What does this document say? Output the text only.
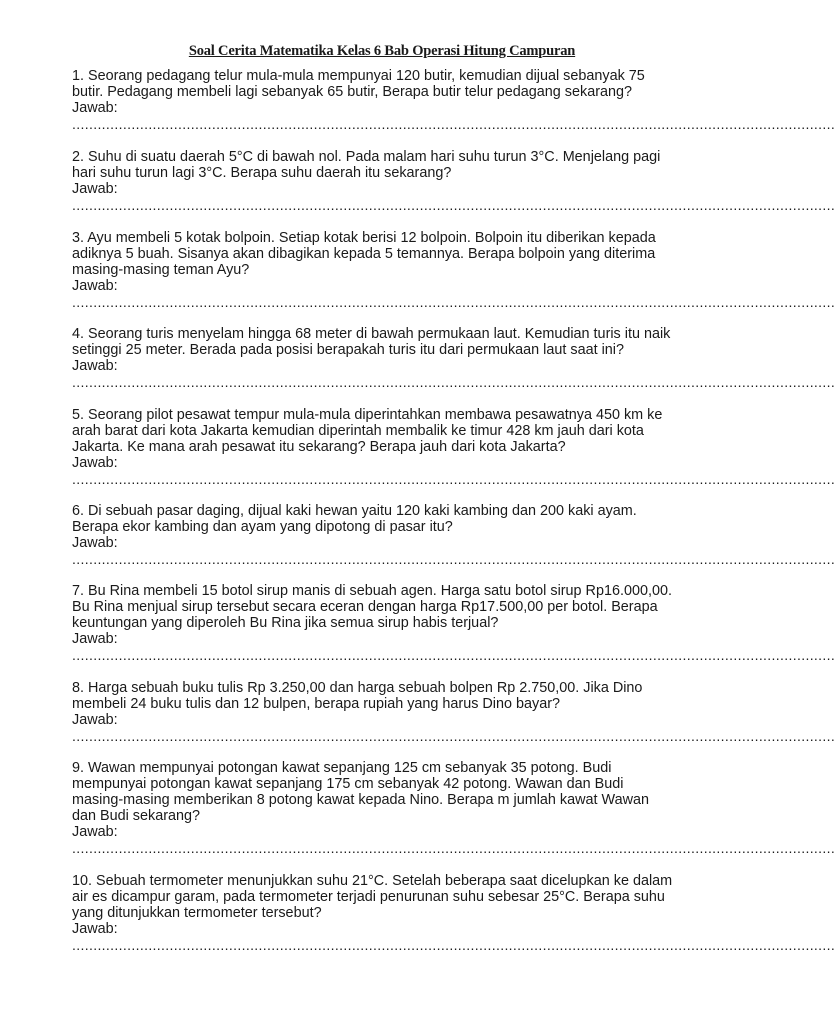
Soal Cerita Matematika Kelas 6 Bab Operasi Hitung Campuran
1. Seorang pedagang telur mula-mula mempunyai 120 butir, kemudian dijual sebanyak 75
butir. Pedagang membeli lagi sebanyak 65 butir, Berapa butir telur pedagang sekarang?
Jawab:
....................................................................................................................................................................................
2. Suhu di suatu daerah 5°C di bawah nol. Pada malam hari suhu turun 3°C. Menjelang pagi
hari suhu turun lagi 3°C. Berapa suhu daerah itu sekarang?
Jawab:
....................................................................................................................................................................................
3. Ayu membeli 5 kotak bolpoin. Setiap kotak berisi 12 bolpoin. Bolpoin itu diberikan kepada
adiknya 5 buah. Sisanya akan dibagikan kepada 5 temannya. Berapa bolpoin yang diterima
masing-masing teman Ayu?
Jawab:
....................................................................................................................................................................................
4. Seorang turis menyelam hingga 68 meter di bawah permukaan laut. Kemudian turis itu naik
setinggi 25 meter. Berada pada posisi berapakah turis itu dari permukaan laut saat ini?
Jawab:
....................................................................................................................................................................................
5. Seorang pilot pesawat tempur mula-mula diperintahkan membawa pesawatnya 450 km ke
arah barat dari kota Jakarta kemudian diperintah membalik ke timur 428 km jauh dari kota
Jakarta. Ke mana arah pesawat itu sekarang? Berapa jauh dari kota Jakarta?
Jawab:
....................................................................................................................................................................................
6. Di sebuah pasar daging, dijual kaki hewan yaitu 120 kaki kambing dan 200 kaki ayam.
Berapa ekor kambing dan ayam yang dipotong di pasar itu?
Jawab:
....................................................................................................................................................................................
7. Bu Rina membeli 15 botol sirup manis di sebuah agen. Harga satu botol sirup Rp16.000,00.
Bu Rina menjual sirup tersebut secara eceran dengan harga Rp17.500,00 per botol. Berapa
keuntungan yang diperoleh Bu Rina jika semua sirup habis terjual?
Jawab:
....................................................................................................................................................................................
8. Harga sebuah buku tulis Rp 3.250,00 dan harga sebuah bolpen Rp 2.750,00. Jika Dino
membeli 24 buku tulis dan 12 bulpen, berapa rupiah yang harus Dino bayar?
Jawab:
....................................................................................................................................................................................
9. Wawan mempunyai potongan kawat sepanjang 125 cm sebanyak 35 potong. Budi
mempunyai potongan kawat sepanjang 175 cm sebanyak 42 potong. Wawan dan Budi
masing-masing memberikan 8 potong kawat kepada Nino. Berapa m jumlah kawat Wawan
dan Budi sekarang?
Jawab:
....................................................................................................................................................................................
10. Sebuah termometer menunjukkan suhu 21°C. Setelah beberapa saat dicelupkan ke dalam
air es dicampur garam, pada termometer terjadi penurunan suhu sebesar 25°C. Berapa suhu
yang ditunjukkan termometer tersebut?
Jawab:
....................................................................................................................................................................................
